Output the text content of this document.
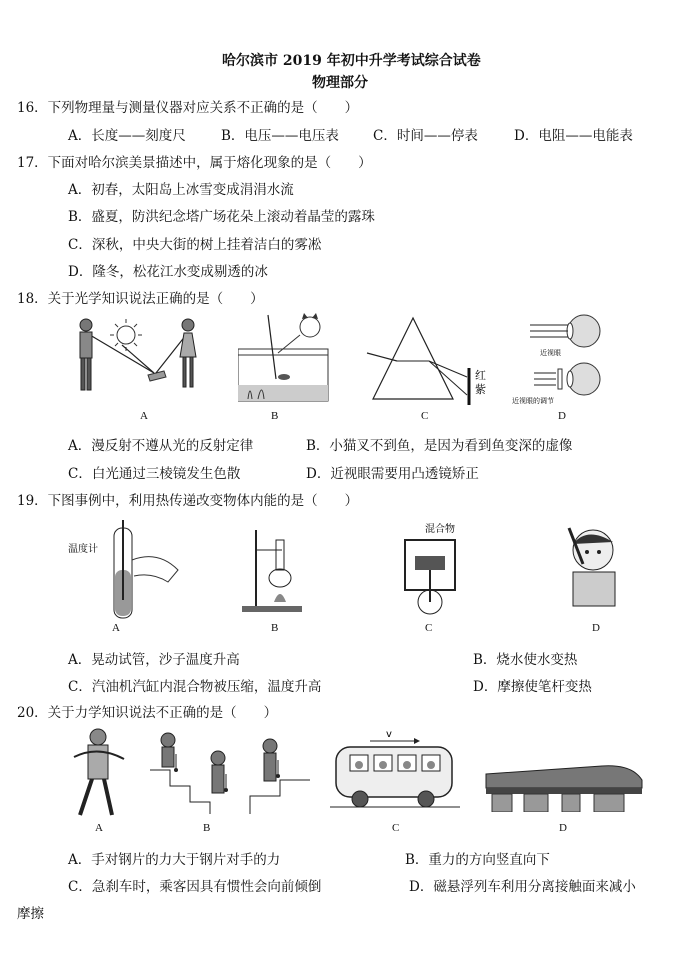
哈尔滨市 2019 年初中升学考试综合试卷
物理部分
16．下列物理量与测量仪器对应关系不正确的是（　　）
A．长度——刻度尺	B．电压——电压表	C．时间——停表	D．电阻——电能表
17．下面对哈尔滨美景描述中，属于熔化现象的是（　　）
A．初春，太阳岛上冰雪变成涓涓水流
B．盛夏，防洪纪念塔广场花朵上滚动着晶莹的露珠
C．深秋，中央大街的树上挂着洁白的雾凇
D．隆冬，松花江水变成剔透的冰
18．关于光学知识说法正确的是（　　）
A	B
红
紫
C
近视眼
近视眼的调节
D
A．漫反射不遵从光的反射定律	B．小猫叉不到鱼，是因为看到鱼变深的虚像
C．白光通过三棱镜发生色散	D．近视眼需要用凸透镜矫正
19．下图事例中，利用热传递改变物体内能的是（　　）
温度计
A	B
混合物
C	D
A．晃动试管，沙子温度升高	B．烧水使水变热
C．汽油机汽缸内混合物被压缩，温度升高	D．摩擦使笔杆变热
20．关于力学知识说法不正确的是（　　）
A	B
v
C	D
A．手对钢片的力大于钢片对手的力	B．重力的方向竖直向下
C．急刹车时，乘客因具有惯性会向前倾倒	D．磁悬浮列车利用分离接触面来减小
摩擦
